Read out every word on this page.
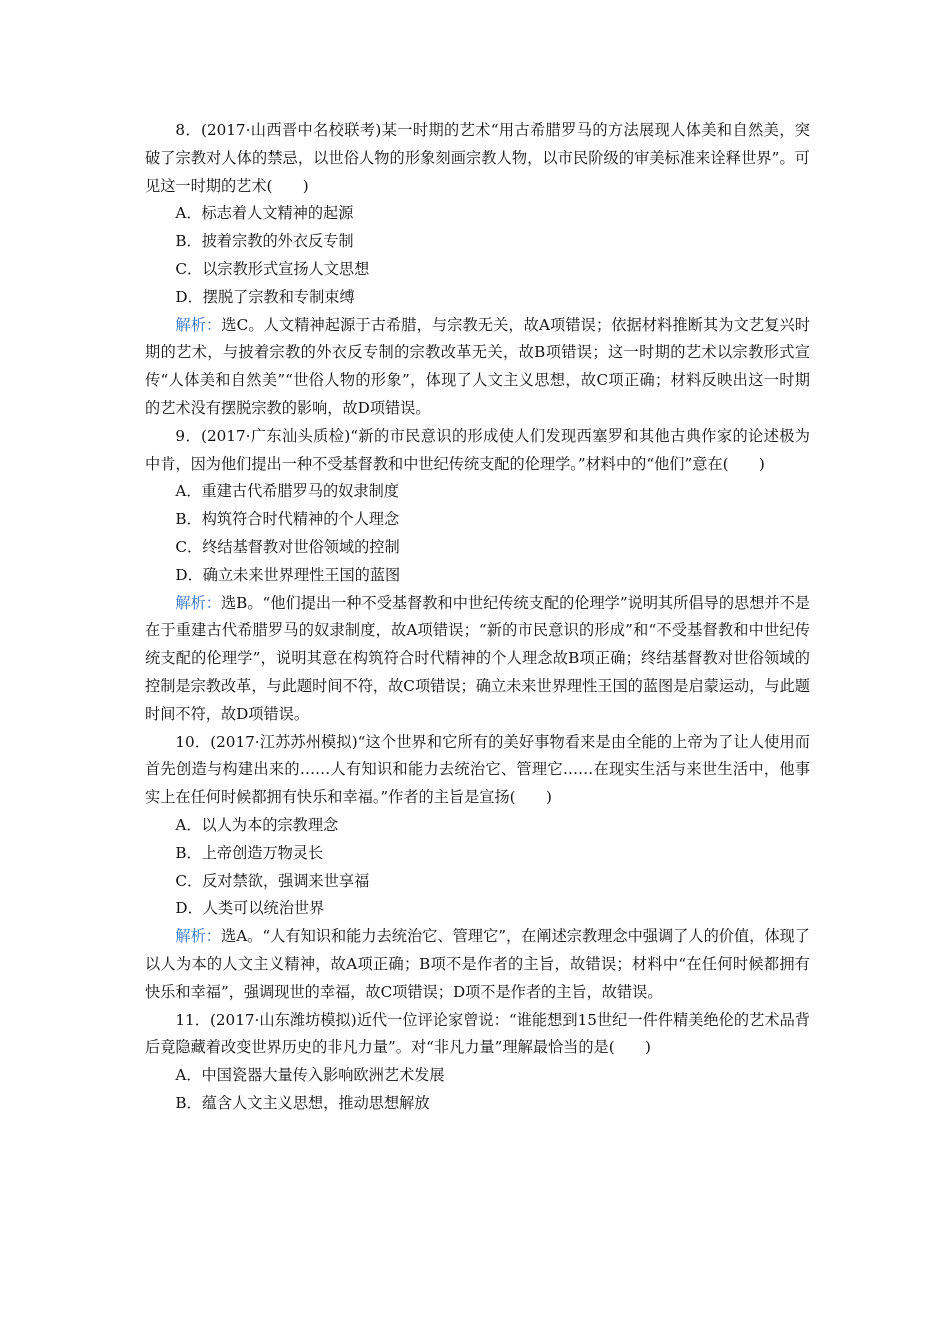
8．(2017·山西晋中名校联考)某一时期的艺术“用古希腊罗马的方法展现人体美和自然美，突破了宗教对人体的禁忌，以世俗人物的形象刻画宗教人物，以市民阶级的审美标准来诠释世界”。可见这一时期的艺术(　　)

A．标志着人文精神的起源

B．披着宗教的外衣反专制

C．以宗教形式宣扬人文思想

D．摆脱了宗教和专制束缚

解析：选C。人文精神起源于古希腊，与宗教无关，故A项错误；依据材料推断其为文艺复兴时期的艺术，与披着宗教的外衣反专制的宗教改革无关，故B项错误；这一时期的艺术以宗教形式宣传“人体美和自然美”“世俗人物的形象”，体现了人文主义思想，故C项正确；材料反映出这一时期的艺术没有摆脱宗教的影响，故D项错误。

9．(2017·广东汕头质检)“新的市民意识的形成使人们发现西塞罗和其他古典作家的论述极为中肯，因为他们提出一种不受基督教和中世纪传统支配的伦理学。”材料中的“他们”意在(　　)

A．重建古代希腊罗马的奴隶制度

B．构筑符合时代精神的个人理念

C．终结基督教对世俗领域的控制

D．确立未来世界理性王国的蓝图

解析：选B。“他们提出一种不受基督教和中世纪传统支配的伦理学”说明其所倡导的思想并不是在于重建古代希腊罗马的奴隶制度，故A项错误；“新的市民意识的形成”和“不受基督教和中世纪传统支配的伦理学”，说明其意在构筑符合时代精神的个人理念故B项正确；终结基督教对世俗领域的控制是宗教改革，与此题时间不符，故C项错误；确立未来世界理性王国的蓝图是启蒙运动，与此题时间不符，故D项错误。

10．(2017·江苏苏州模拟)“这个世界和它所有的美好事物看来是由全能的上帝为了让人使用而首先创造与构建出来的……人有知识和能力去统治它、管理它……在现实生活与来世生活中，他事实上在任何时候都拥有快乐和幸福。”作者的主旨是宣扬(　　)

A．以人为本的宗教理念

B．上帝创造万物灵长

C．反对禁欲，强调来世享福

D．人类可以统治世界

解析：选A。“人有知识和能力去统治它、管理它”，在阐述宗教理念中强调了人的价值，体现了以人为本的人文主义精神，故A项正确；B项不是作者的主旨，故错误；材料中“在任何时候都拥有快乐和幸福”，强调现世的幸福，故C项错误；D项不是作者的主旨，故错误。

11．(2017·山东潍坊模拟)近代一位评论家曾说：“谁能想到15世纪一件件精美绝伦的艺术品背后竟隐藏着改变世界历史的非凡力量”。对“非凡力量”理解最恰当的是(　　)

A．中国瓷器大量传入影响欧洲艺术发展

B．蕴含人文主义思想，推动思想解放
